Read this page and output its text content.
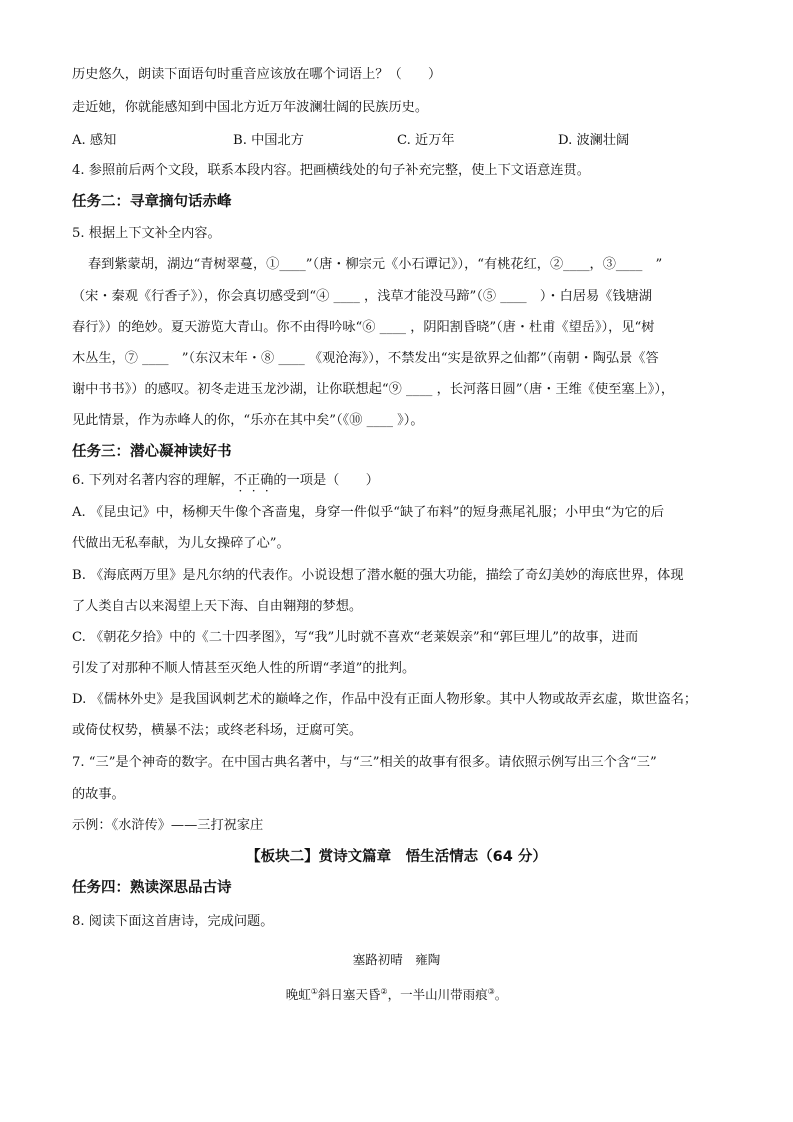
历史悠久，朗读下面语句时重音应该放在哪个词语上？（　　）
走近她，你就能感知到中国北方近万年波澜壮阔的民族历史。
A. 感知	B. 中国北方	C. 近万年	D. 波澜壮阔
4. 参照前后两个文段，联系本段内容。把画横线处的句子补充完整，使上下文语意连贯。
任务二：寻章摘句话赤峰
5. 根据上下文补全内容。
春到紫蒙胡，湖边“青树翠蔓，①____”（唐・柳宗元《小石谭记》），“有桃花红，②____，③____　”
（宋・秦观《行香子》），你会真切感受到“④ ____ ，浅草才能没马蹄”（⑤ ____　）・白居易《钱塘湖
春行》）的绝妙。夏天游览大青山。你不由得吟咏“⑥ ____ ，阴阳割昏晓”（唐・杜甫《望岳》），见“树
木丛生，⑦ ____　”（东汉末年・⑧ ____ 《观沧海》），不禁发出“实是欲界之仙都”（南朝・陶弘景《答
谢中书书》）的感叹。初冬走进玉龙沙湖，让你联想起“⑨ ____ ，长河落日圆”（唐・王维《使至塞上》），
见此情景，作为赤峰人的你，“乐亦在其中矣”（《⑩ ____ 》）。
任务三：潜心凝神读好书
6. 下列对名著内容的理解，不正确的一项是（　　）
A. 《昆虫记》中，杨柳天牛像个吝啬鬼，身穿一件似乎“缺了布料”的短身燕尾礼服；小甲虫“为它的后
代做出无私奉献，为儿女操碎了心”。
B. 《海底两万里》是凡尔纳的代表作。小说设想了潜水艇的强大功能，描绘了奇幻美妙的海底世界，体现
了人类自古以来渴望上天下海、自由翱翔的梦想。
C. 《朝花夕拾》中的《二十四孝图》，写“我”儿时就不喜欢“老莱娱亲”和“郭巨埋儿”的故事，进而
引发了对那种不顺人情甚至灭绝人性的所谓“孝道”的批判。
D. 《儒林外史》是我国讽刺艺术的巅峰之作，作品中没有正面人物形象。其中人物或故弄玄虚，欺世盗名；
或倚仗权势，横暴不法；或终老科场，迂腐可笑。
7. “三”是个神奇的数字。在中国古典名著中，与“三”相关的故事有很多。请依照示例写出三个含“三”
的故事。
示例：《水浒传》——三打祝家庄
【板块二】赏诗文篇章　悟生活情志（64 分）
任务四：熟读深思品古诗
8. 阅读下面这首唐诗，完成问题。
塞路初晴　雍陶
晚虹①斜日塞天昏②，一半山川带雨痕③。
